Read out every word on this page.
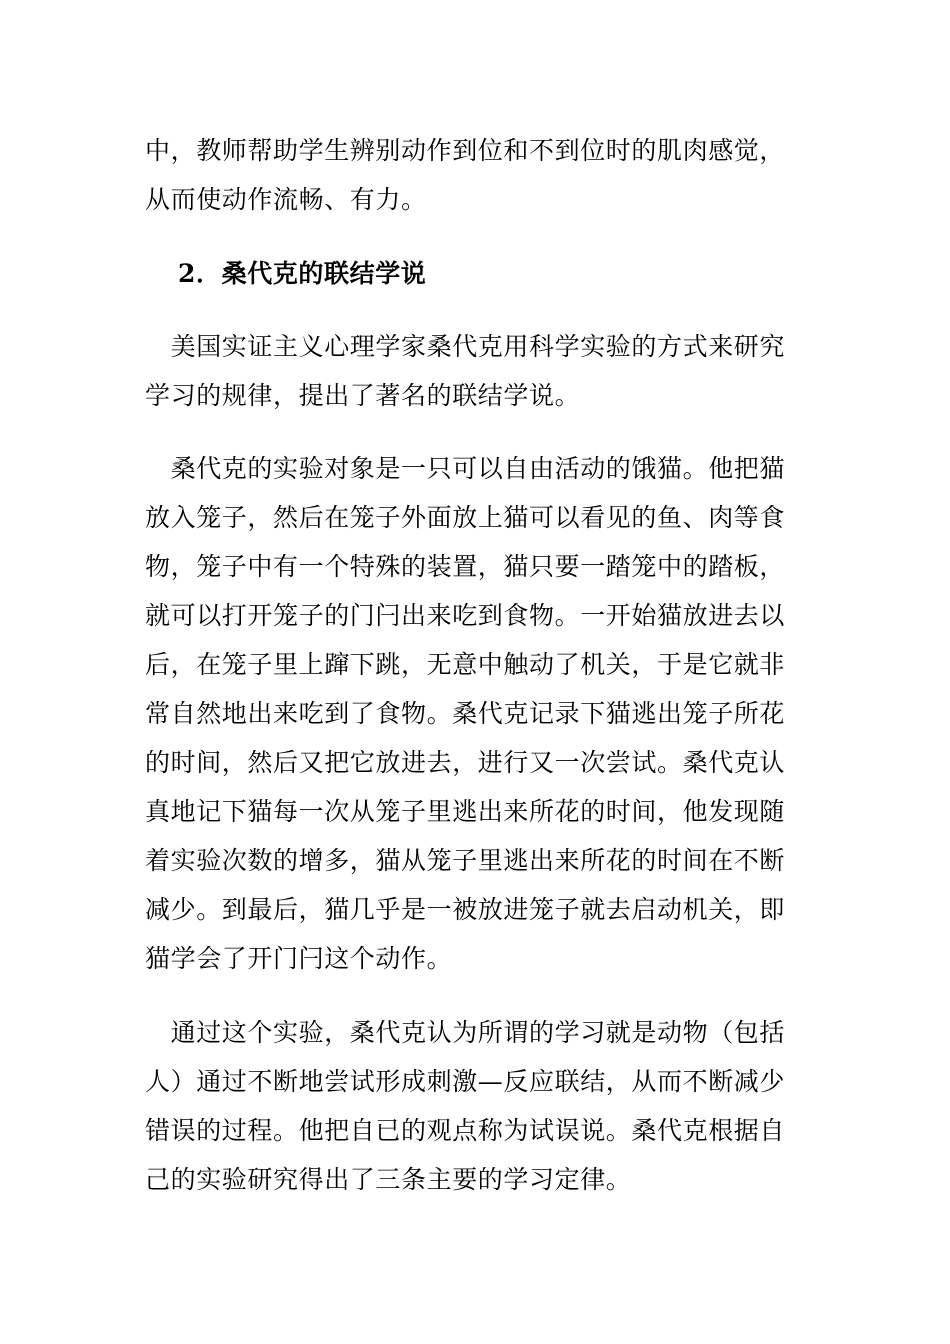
中，教师帮助学生辨别动作到位和不到位时的肌肉感觉，
从而使动作流畅、有力。

2．桑代克的联结学说

　美国实证主义心理学家桑代克用科学实验的方式来研究
学习的规律，提出了著名的联结学说。

　桑代克的实验对象是一只可以自由活动的饿猫。他把猫
放入笼子，然后在笼子外面放上猫可以看见的鱼、肉等食
物，笼子中有一个特殊的装置，猫只要一踏笼中的踏板，
就可以打开笼子的门闩出来吃到食物。一开始猫放进去以
后，在笼子里上蹿下跳，无意中触动了机关，于是它就非
常自然地出来吃到了食物。桑代克记录下猫逃出笼子所花
的时间，然后又把它放进去，进行又一次尝试。桑代克认
真地记下猫每一次从笼子里逃出来所花的时间，他发现随
着实验次数的增多，猫从笼子里逃出来所花的时间在不断
减少。到最后，猫几乎是一被放进笼子就去启动机关，即
猫学会了开门闩这个动作。

　通过这个实验，桑代克认为所谓的学习就是动物（包括
人）通过不断地尝试形成刺激—反应联结，从而不断减少
错误的过程。他把自已的观点称为试误说。桑代克根据自
己的实验研究得出了三条主要的学习定律。
